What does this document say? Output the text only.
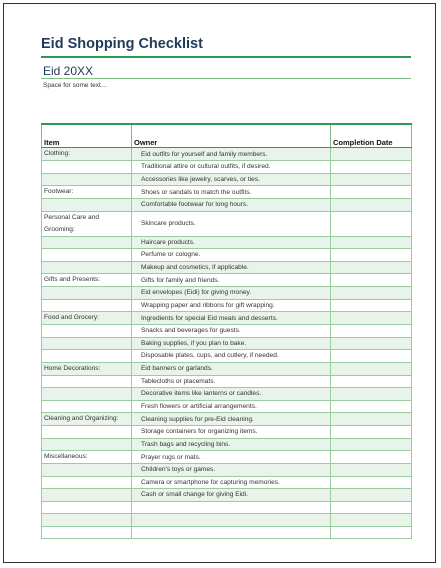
Eid Shopping Checklist
Eid 20XX
Space for some text…
Item	Owner	Completion Date
Clothing:	Eid outfits for yourself and family members.	
	Traditional attire or cultural outfits, if desired.	
	Accessories like jewelry, scarves, or ties.	
Footwear:	Shoes or sandals to match the outfits.	
	Comfortable footwear for long hours.	
Personal Care and Grooming:	Skincare products.	
	Haircare products.	
	Perfume or cologne.	
	Makeup and cosmetics, if applicable.	
Gifts and Presents:	Gifts for family and friends.	
	Eid envelopes (Eidi) for giving money.	
	Wrapping paper and ribbons for gift wrapping.	
Food and Grocery:	Ingredients for special Eid meals and desserts.	
	Snacks and beverages for guests.	
	Baking supplies, if you plan to bake.	
	Disposable plates, cups, and cutlery, if needed.	
Home Decorations:	Eid banners or garlands.	
	Tablecloths or placemats.	
	Decorative items like lanterns or candles.	
	Fresh flowers or artificial arrangements.	
Cleaning and Organizing:	Cleaning supplies for pre-Eid cleaning.	
	Storage containers for organizing items.	
	Trash bags and recycling bins.	
Miscellaneous:	Prayer rugs or mats.	
	Children's toys or games.	
	Camera or smartphone for capturing memories.	
	Cash or small change for giving Eidi.	
